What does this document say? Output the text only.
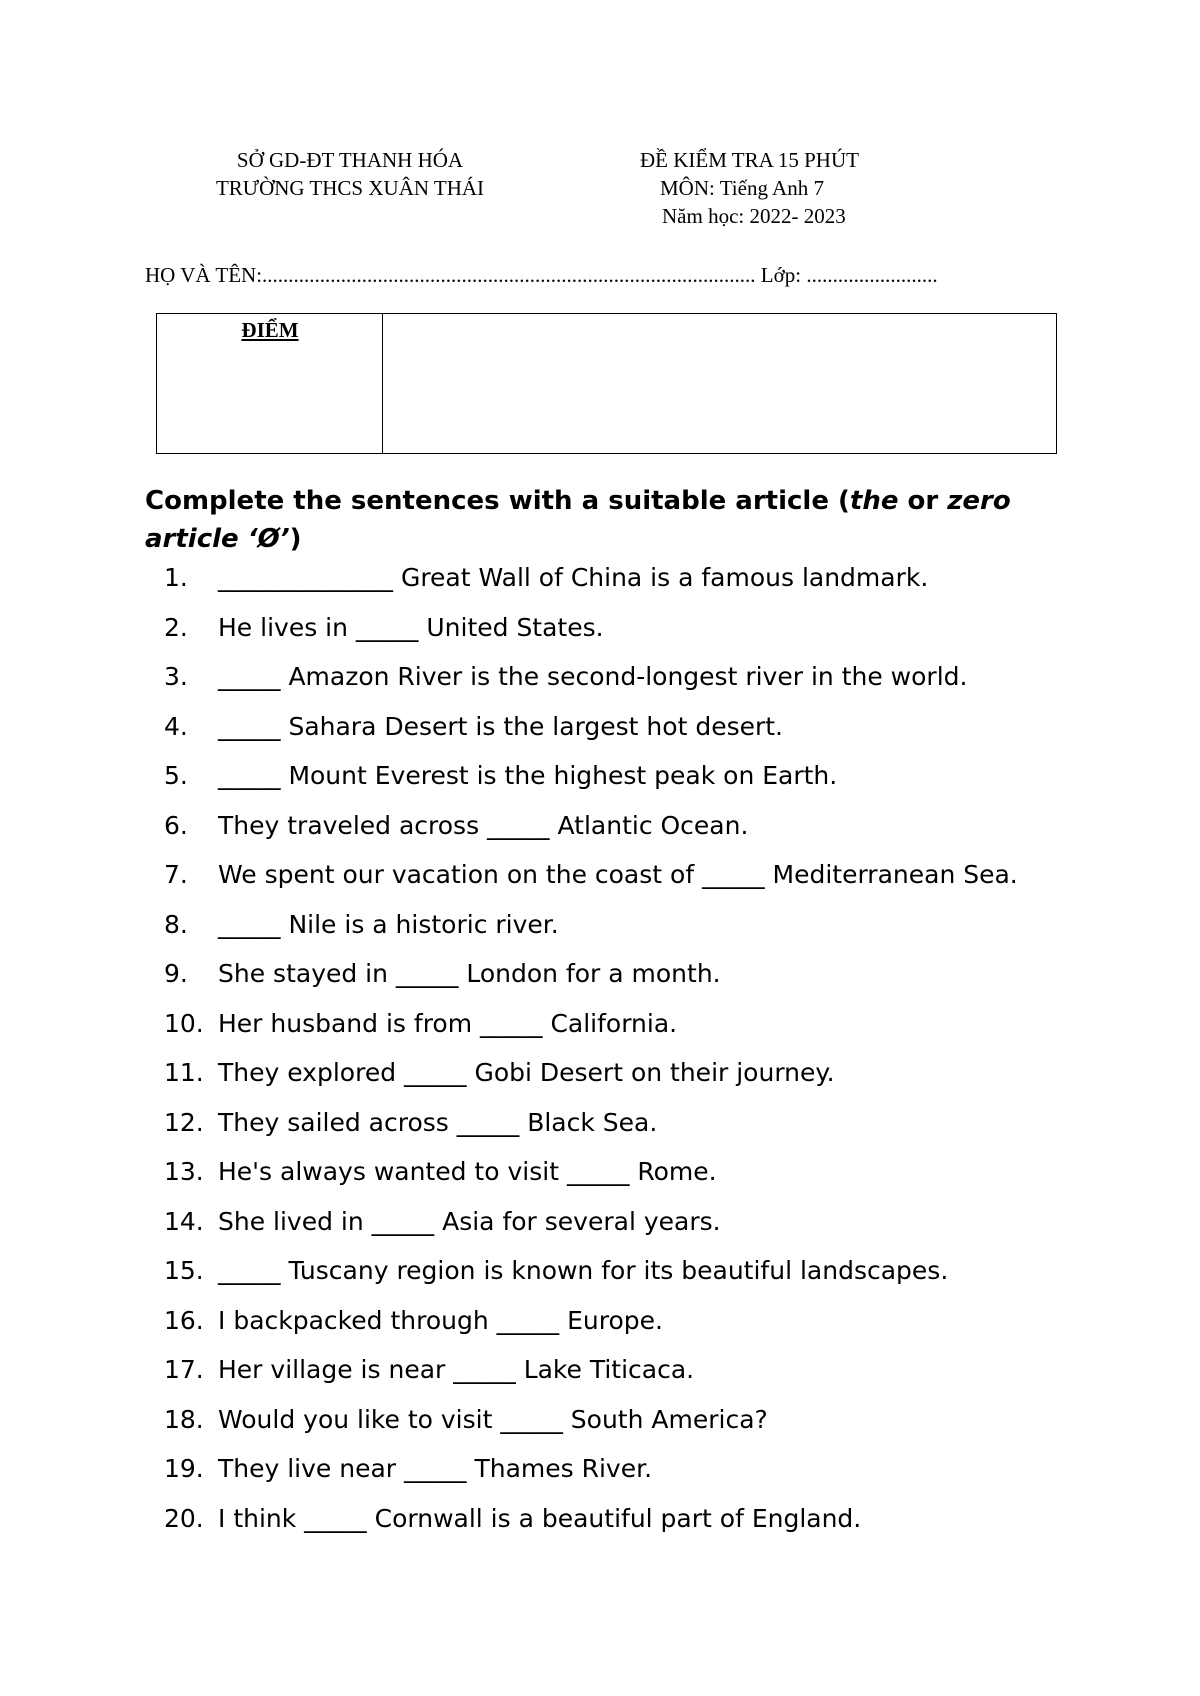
SỞ GD-ĐT THANH HÓA
TRƯỜNG THCS XUÂN THÁI
ĐỀ KIỂM TRA 15 PHÚT
MÔN: Tiếng Anh 7
Năm học: 2022- 2023
HỌ VÀ TÊN:.............................................................................................. Lớp: .........................
ĐIỂM
Complete the sentences with a suitable article (the or zero article ‘Ø’)
1. ______________ Great Wall of China is a famous landmark.
2. He lives in _____ United States.
3. _____ Amazon River is the second-longest river in the world.
4. _____ Sahara Desert is the largest hot desert.
5. _____ Mount Everest is the highest peak on Earth.
6. They traveled across _____ Atlantic Ocean.
7. We spent our vacation on the coast of _____ Mediterranean Sea.
8. _____ Nile is a historic river.
9. She stayed in _____ London for a month.
10. Her husband is from _____ California.
11. They explored _____ Gobi Desert on their journey.
12. They sailed across _____ Black Sea.
13. He's always wanted to visit _____ Rome.
14. She lived in _____ Asia for several years.
15. _____ Tuscany region is known for its beautiful landscapes.
16. I backpacked through _____ Europe.
17. Her village is near _____ Lake Titicaca.
18. Would you like to visit _____ South America?
19. They live near _____ Thames River.
20. I think _____ Cornwall is a beautiful part of England.
